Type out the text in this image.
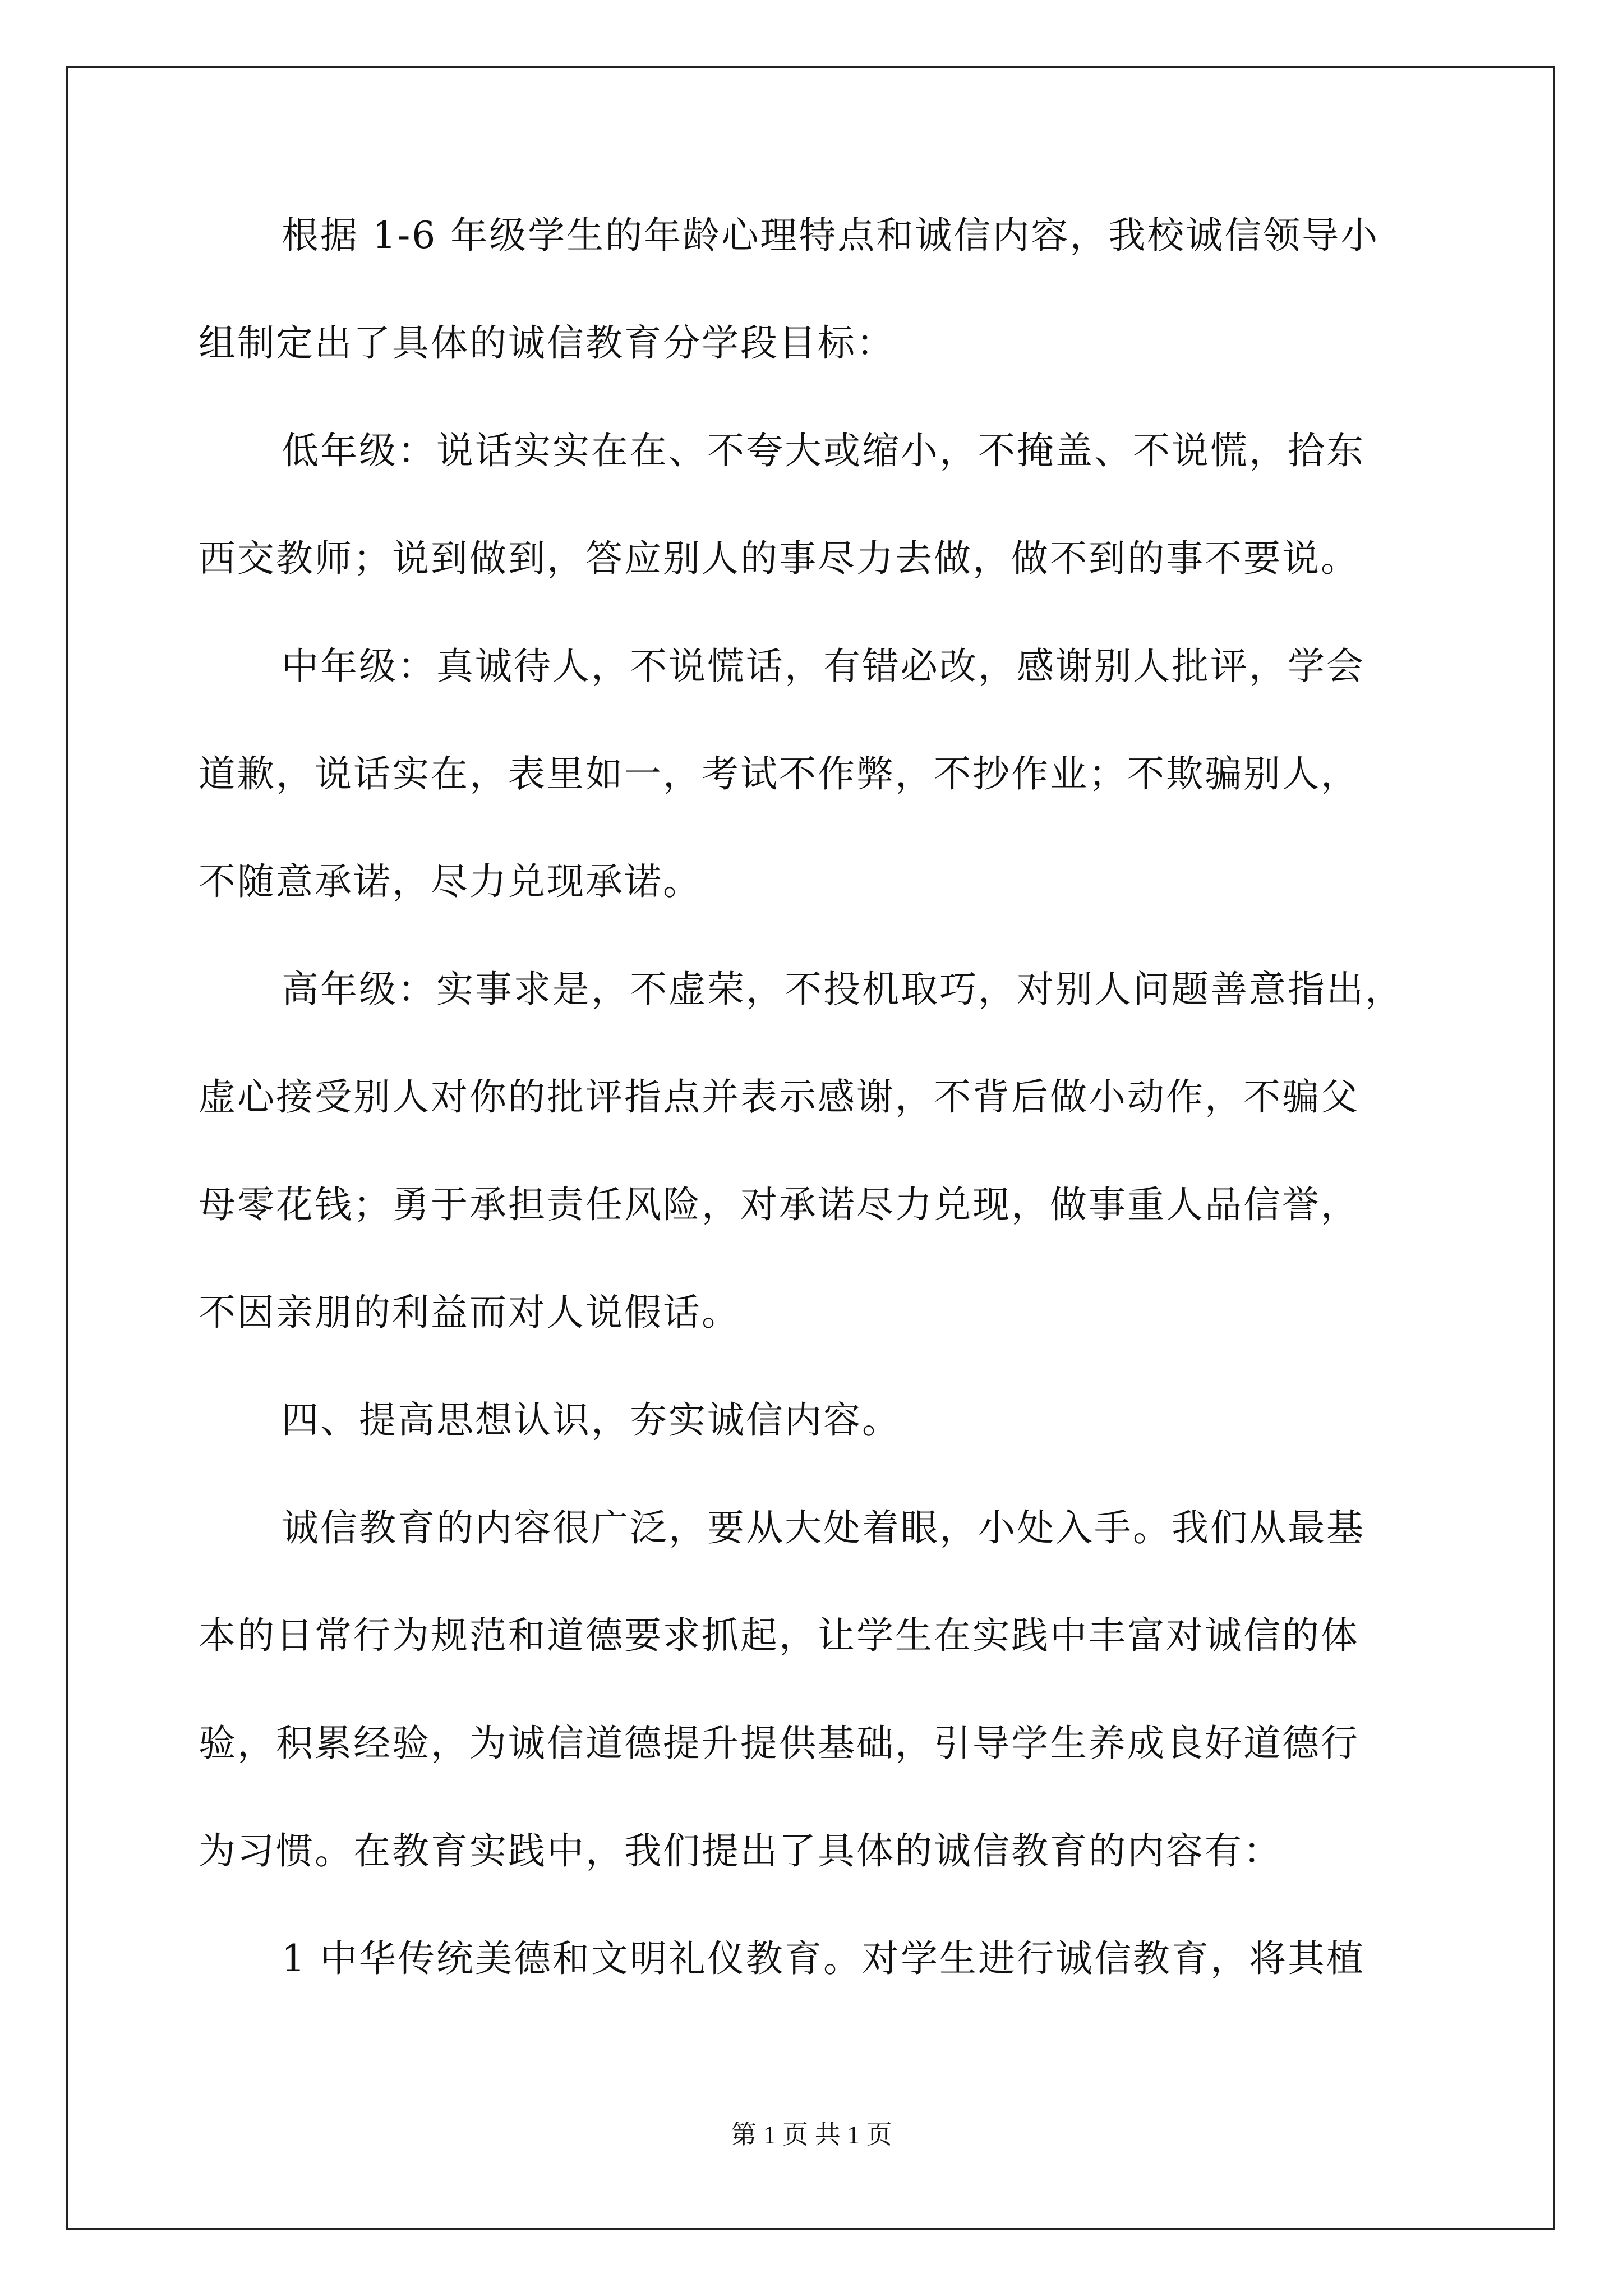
根据 1-6 年级学生的年龄心理特点和诚信内容，我校诚信领导小
组制定出了具体的诚信教育分学段目标：
低年级：说话实实在在、不夸大或缩小，不掩盖、不说慌，拾东
西交教师；说到做到，答应别人的事尽力去做，做不到的事不要说。
中年级：真诚待人，不说慌话，有错必改，感谢别人批评，学会
道歉，说话实在，表里如一，考试不作弊，不抄作业；不欺骗别人，
不随意承诺，尽力兑现承诺。
高年级：实事求是，不虚荣，不投机取巧，对别人问题善意指出，
虚心接受别人对你的批评指点并表示感谢，不背后做小动作，不骗父
母零花钱；勇于承担责任风险，对承诺尽力兑现，做事重人品信誉，
不因亲朋的利益而对人说假话。
四、提高思想认识，夯实诚信内容。
诚信教育的内容很广泛，要从大处着眼，小处入手。我们从最基
本的日常行为规范和道德要求抓起，让学生在实践中丰富对诚信的体
验，积累经验，为诚信道德提升提供基础，引导学生养成良好道德行
为习惯。在教育实践中，我们提出了具体的诚信教育的内容有：
1 中华传统美德和文明礼仪教育。对学生进行诚信教育，将其植
第 1 页 共 1 页
